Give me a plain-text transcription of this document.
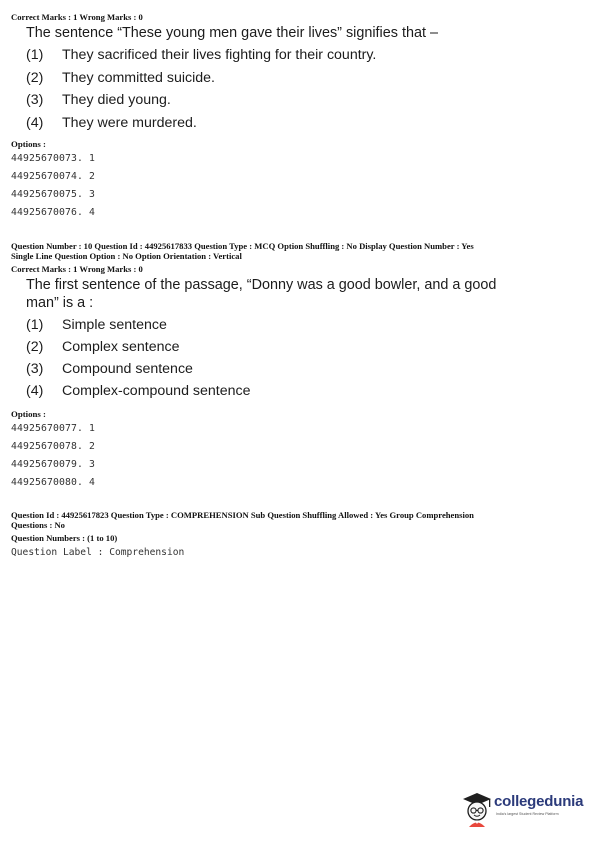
Correct Marks : 1 Wrong Marks : 0
The sentence “These young men gave their lives” signifies that –
(1) They sacrificed their lives fighting for their country.
(2) They committed suicide.
(3) They died young.
(4) They were murdered.
Options :
44925670073. 1
44925670074. 2
44925670075. 3
44925670076. 4
Question Number : 10 Question Id : 44925617833 Question Type : MCQ Option Shuffling : No Display Question Number : Yes
Single Line Question Option : No Option Orientation : Vertical
Correct Marks : 1 Wrong Marks : 0
The first sentence of the passage, “Donny was a good bowler, and a good
man” is a :
(1) Simple sentence
(2) Complex sentence
(3) Compound sentence
(4) Complex-compound sentence
Options :
44925670077. 1
44925670078. 2
44925670079. 3
44925670080. 4
Question Id : 44925617823 Question Type : COMPREHENSION Sub Question Shuffling Allowed : Yes Group Comprehension
Questions : No
Question Numbers : (1 to 10)
Question Label : Comprehension
collegedunia
India's largest Student Review Platform
